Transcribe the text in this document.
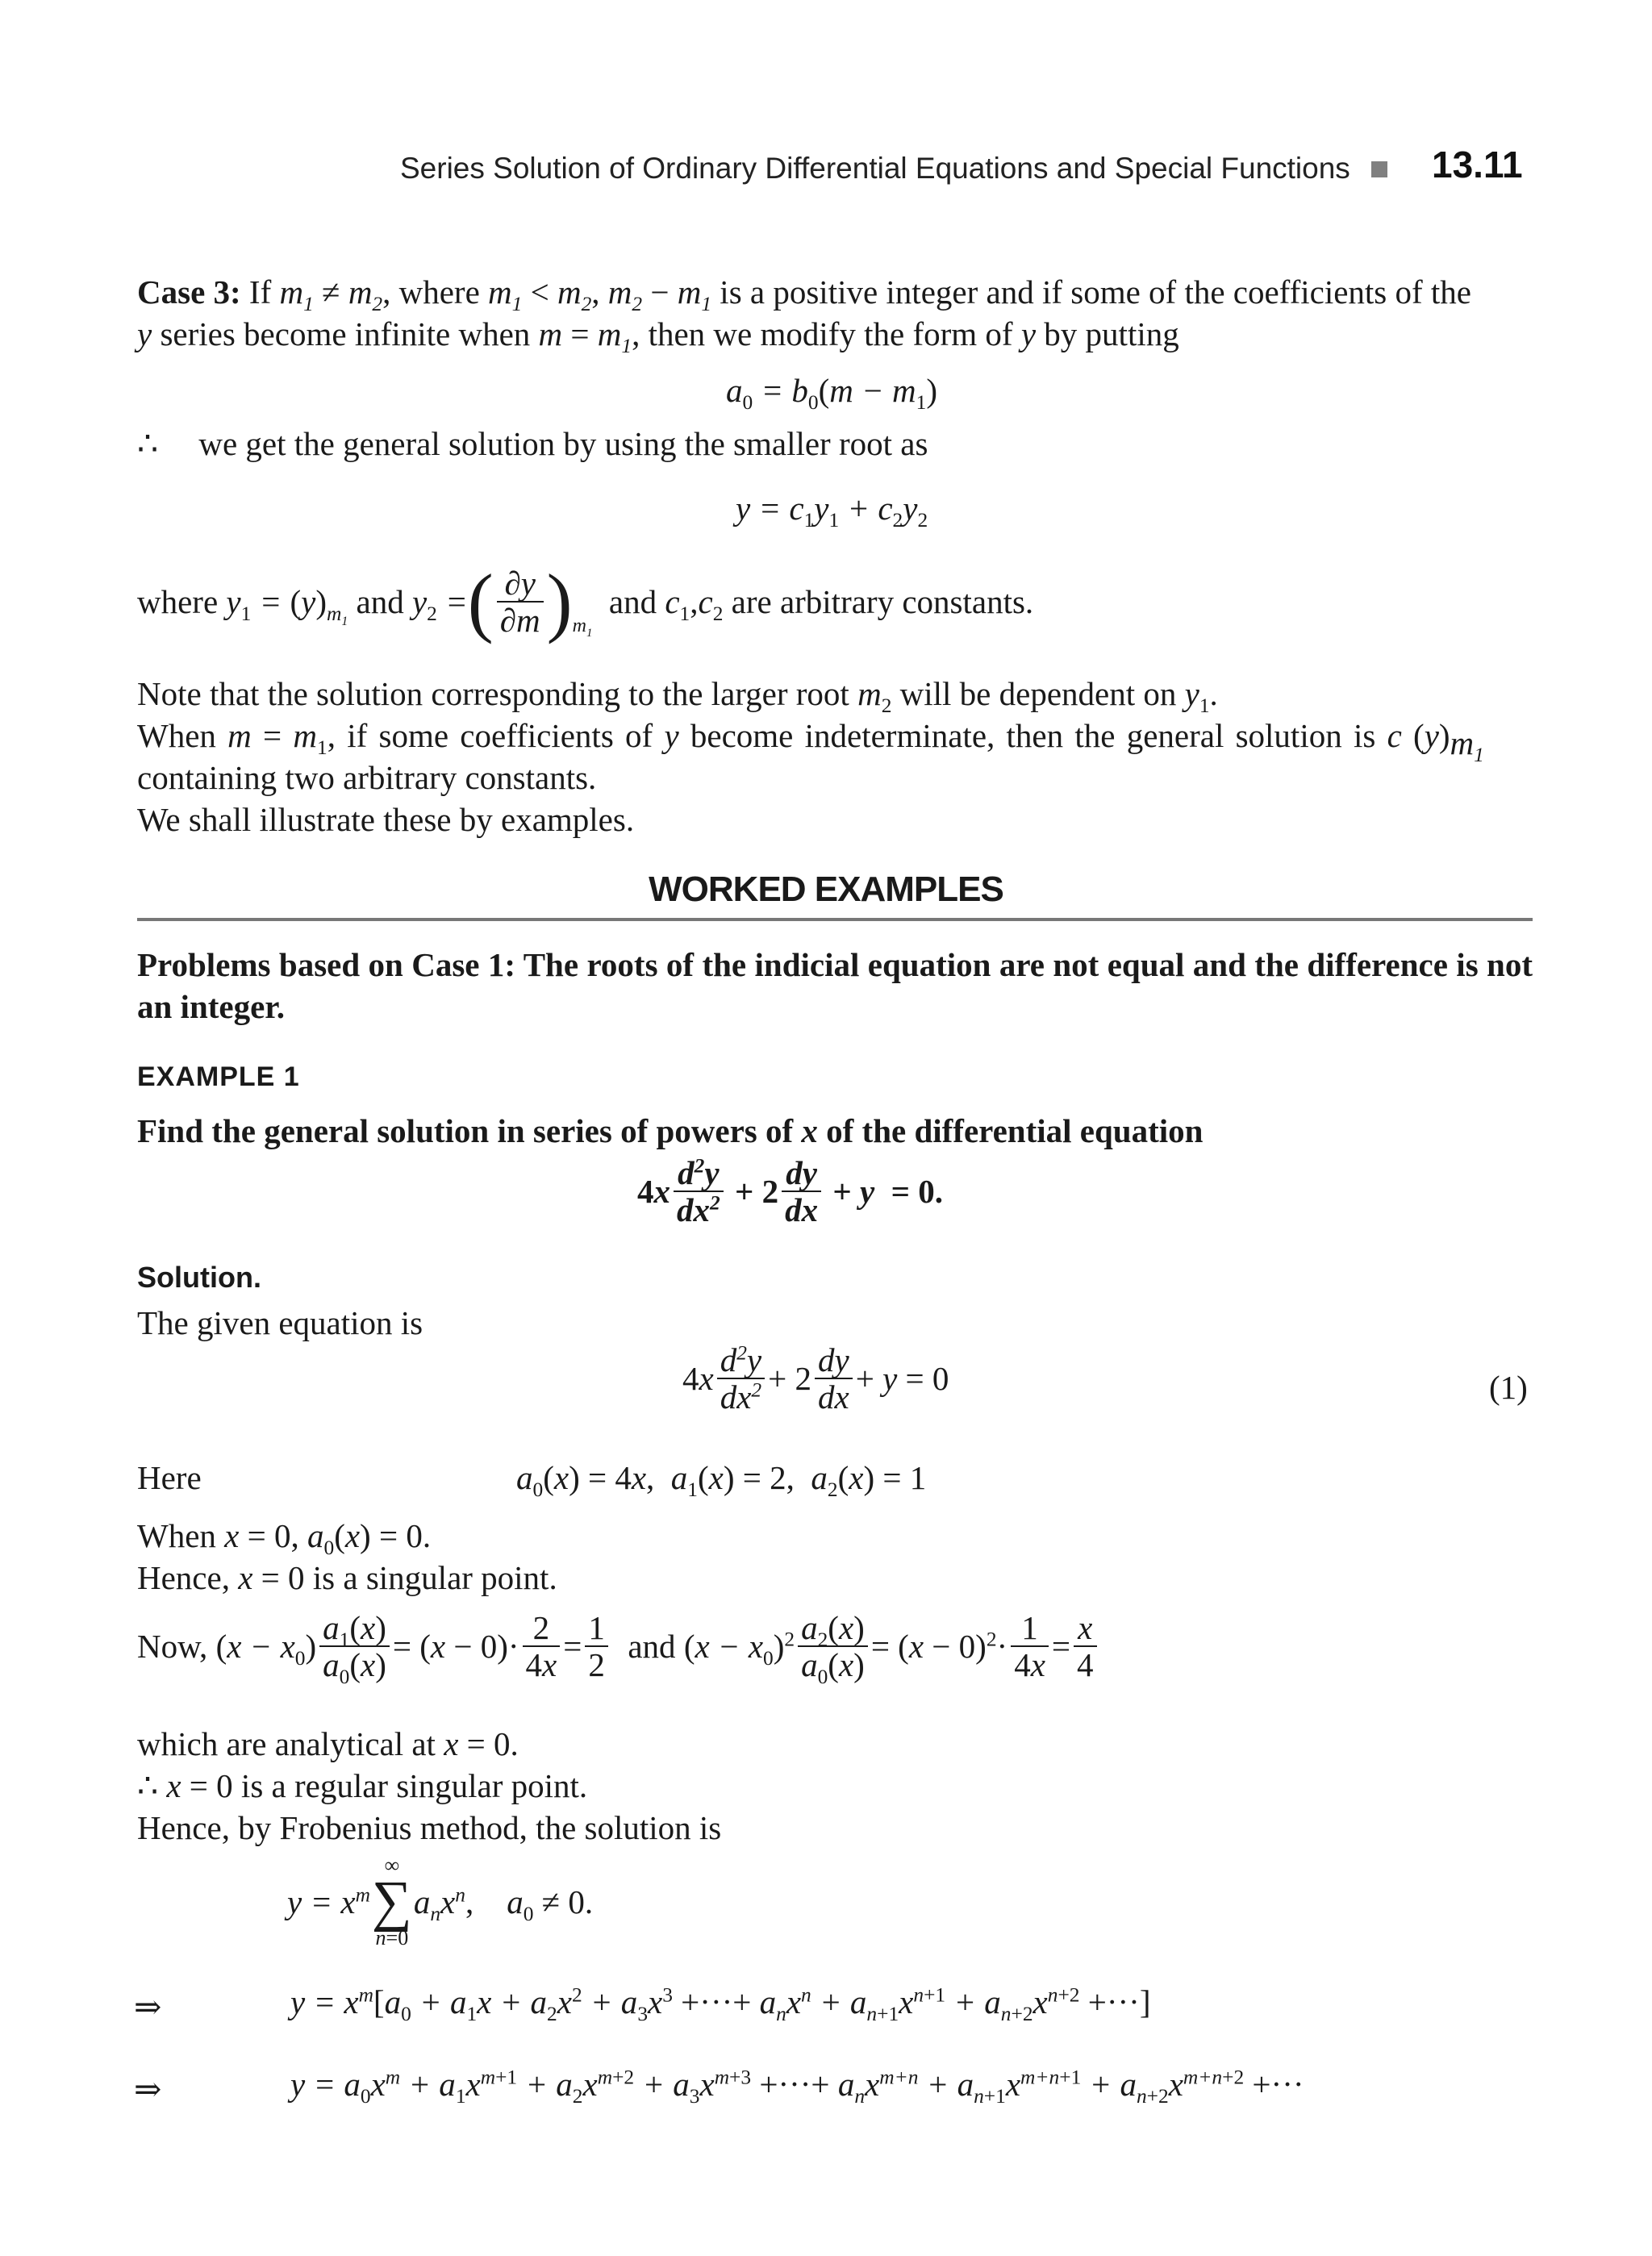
Series Solution of Ordinary Differential Equations and Special Functions 13.11
Case 3: If $m_1 \ne m_2$, where $m_1 < m_2$, $m_2 - m_1$ is a positive integer and if some of the coefficients of the
y series become infinite when $m = m_1$, then we modify the form of y by putting
$a_0 = b_0(m - m_1)$
∴ we get the general solution by using the smaller root as
$y = c_1y_1 + c_2y_2$
where
$y_1 = (y)_{m_1}$

and
$y_2$ = ( $\frac{\partial y}{\partial m}$ ) $m_1$

and
$c_1$ , $c_2$
are arbitrary constants.
Note that the solution corresponding to the larger root $m_2$ will be dependent on $y_1$.
When $m = m_1$, if some coefficients of y become indeterminate, then the general solution is c $(y)_{m_1}$
containing two arbitrary constants.
We shall illustrate these by examples.
WORKED EXAMPLES
Problems based on Case 1: The roots of the indicial equation are not equal and the difference is not an integer.
EXAMPLE 1
Find the general solution in series of powers of x of the differential equation
$4x \frac{d^2y}{dx^2} + 2 \frac{dy}{dx} + y = 0$.
Solution.
The given equation is
$4x \frac{d^2y}{dx^2} + 2 \frac{dy}{dx} + y = 0$	(1)
Here	$a_0(x) = 4x$,  $a_1(x) = 2$,  $a_2(x) = 1$
When x = 0, $a_0(x) = 0$.
Hence, x = 0 is a singular point.
Now,
$(x - x_0) \frac{a_1(x)}{a_0(x)} = (x - 0)\cdot \frac{2}{4x} = \frac{1}{2}$
and
$(x - x_0)^2 \frac{a_2(x)}{a_0(x)} = (x - 0)^2\cdot \frac{1}{4x} = \frac{x}{4}$
which are analytical at x = 0.
∴ x = 0 is a regular singular point.
Hence, by Frobenius method, the solution is
$y = x^m$
∞
∑
n=0
$a_nx^n$,    $a_0 \ne 0$.
⇒	$y = x^m[a_0 + a_1x + a_2x^2 + a_3x^3$ +···+ $a_nx^n + a_{n+1}x^{n+1} + a_{n+2}x^{n+2}$ +···]
⇒	$y = a_0x^m + a_1x^{m+1} + a_2x^{m+2} + a_3x^{m+3}$ +···+ $a_nx^{m+n} + a_{n+1}x^{m+n+1} + a_{n+2}x^{m+n+2}$ +···
